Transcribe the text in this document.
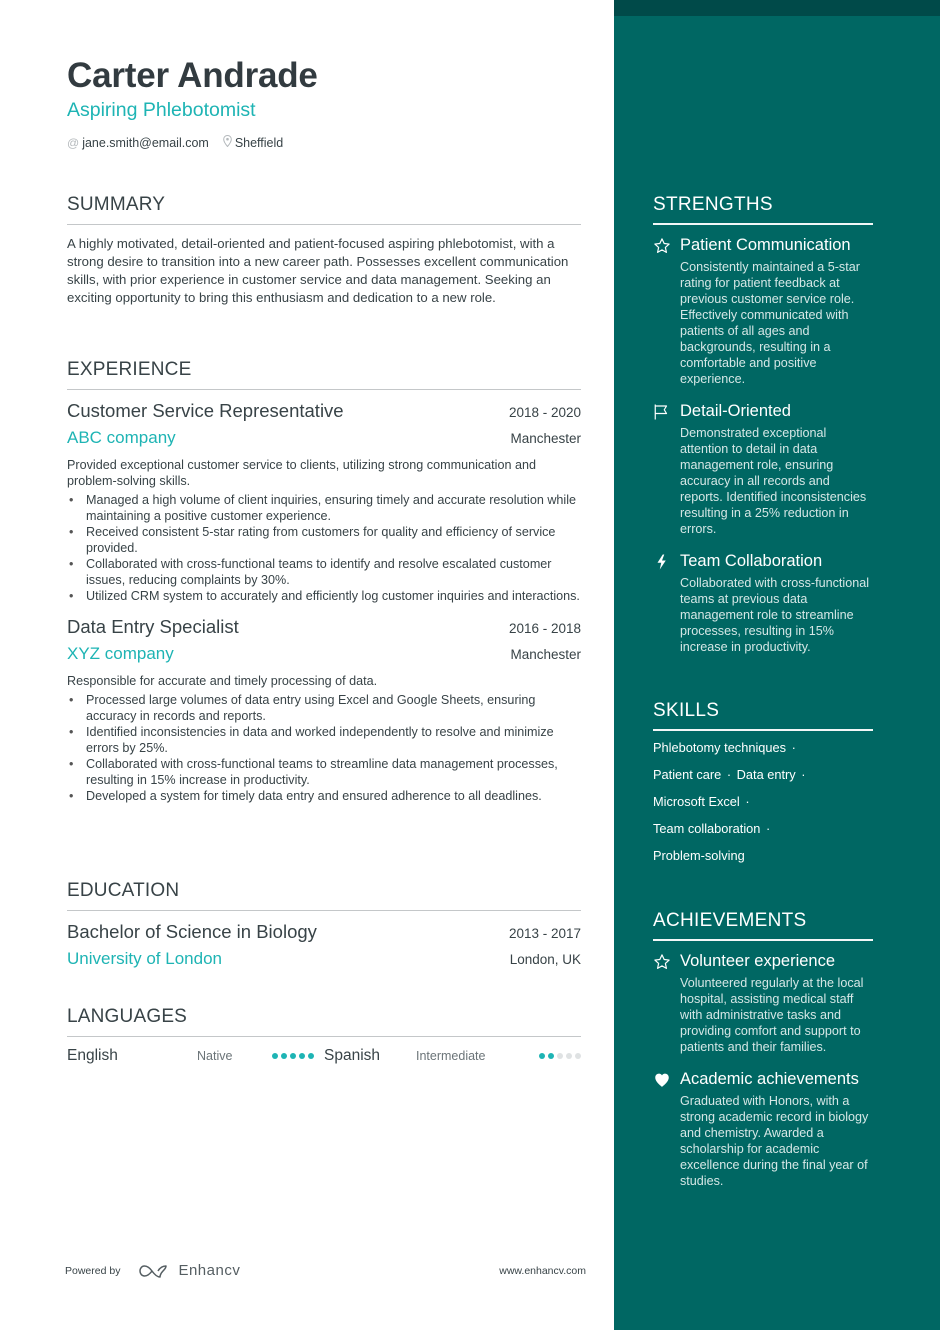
Carter Andrade
Aspiring Phlebotomist
@ jane.smith@email.com Sheffield
SUMMARY

A highly motivated, detail-oriented and patient-focused aspiring phlebotomist, with a strong desire to transition into a new career path. Possesses excellent communication skills, with prior experience in customer service and data management. Seeking an exciting opportunity to bring this enthusiasm and dedication to a new role.

EXPERIENCE
Customer Service Representative	2018 - 2020
ABC company	Manchester
Provided exceptional customer service to clients, utilizing strong communication and problem-solving skills.
• Managed a high volume of client inquiries, ensuring timely and accurate resolution while maintaining a positive customer experience.
• Received consistent 5-star rating from customers for quality and efficiency of service provided.
• Collaborated with cross-functional teams to identify and resolve escalated customer issues, reducing complaints by 30%.
• Utilized CRM system to accurately and efficiently log customer inquiries and interactions.
Data Entry Specialist	2016 - 2018
XYZ company	Manchester
Responsible for accurate and timely processing of data.
• Processed large volumes of data entry using Excel and Google Sheets, ensuring accuracy in records and reports.
• Identified inconsistencies in data and worked independently to resolve and minimize errors by 25%.
• Collaborated with cross-functional teams to streamline data management processes, resulting in 15% increase in productivity.
• Developed a system for timely data entry and ensured adherence to all deadlines.
EDUCATION
Bachelor of Science in Biology	2013 - 2017
University of London	London, UK
LANGUAGES
English	Native	Spanish	Intermediate
Powered by	Enhancv	www.enhancv.com
STRENGTHS
Patient Communication
Consistently maintained a 5-star rating for patient feedback at previous customer service role. Effectively communicated with patients of all ages and backgrounds, resulting in a comfortable and positive experience.
Detail-Oriented
Demonstrated exceptional attention to detail in data management role, ensuring accuracy in all records and reports. Identified inconsistencies resulting in a 25% reduction in errors.
Team Collaboration
Collaborated with cross-functional teams at previous data management role to streamline processes, resulting in 15% increase in productivity.
SKILLS
Phlebotomy techniques ·
Patient care · Data entry ·
Microsoft Excel ·
Team collaboration ·
Problem-solving
ACHIEVEMENTS
Volunteer experience
Volunteered regularly at the local hospital, assisting medical staff with administrative tasks and providing comfort and support to patients and their families.
Academic achievements
Graduated with Honors, with a strong academic record in biology and chemistry. Awarded a scholarship for academic excellence during the final year of studies.
